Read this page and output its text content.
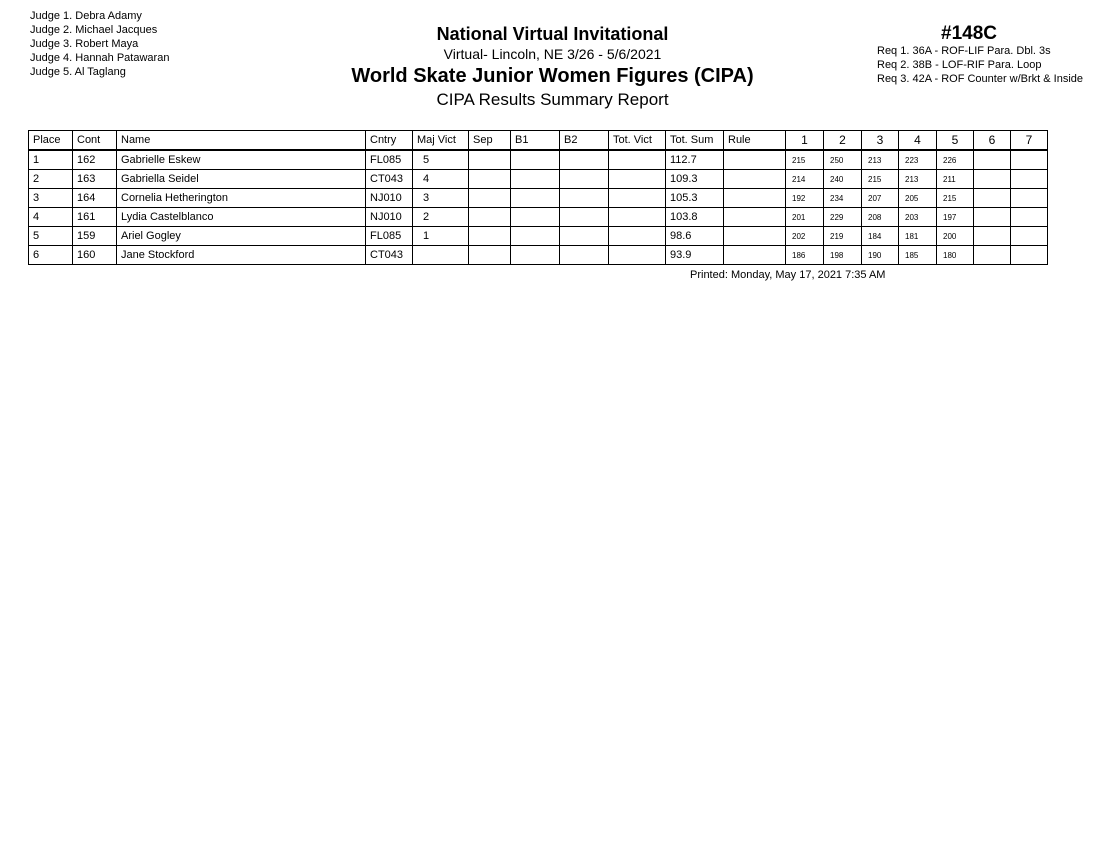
Judge 1. Debra Adamy
Judge 2. Michael Jacques
Judge 3. Robert Maya
Judge 4. Hannah Patawaran
Judge 5. Al Taglang
National Virtual Invitational
Virtual- Lincoln, NE 3/26 - 5/6/2021
World Skate Junior Women Figures (CIPA)
CIPA Results Summary Report
#148C
Req 1. 36A - ROF-LIF Para. Dbl. 3s
Req 2. 38B - LOF-RIF Para. Loop
Req 3. 42A - ROF Counter w/Brkt & Inside
Place	Cont	Name	Cntry	Maj Vict	Sep	B1	B2	Tot. Vict	Tot. Sum	Rule	1	2	3	4	5	6	7
1	162	Gabrielle Eskew	FL085	5					112.7		215	250	213	223	226		
2	163	Gabriella Seidel	CT043	4					109.3		214	240	215	213	211		
3	164	Cornelia Hetherington	NJ010	3					105.3		192	234	207	205	215		
4	161	Lydia Castelblanco	NJ010	2					103.8		201	229	208	203	197		
5	159	Ariel Gogley	FL085	1					98.6		202	219	184	181	200		
6	160	Jane Stockford	CT043						93.9		186	198	190	185	180		
Printed: Monday, May 17, 2021 7:35 AM
